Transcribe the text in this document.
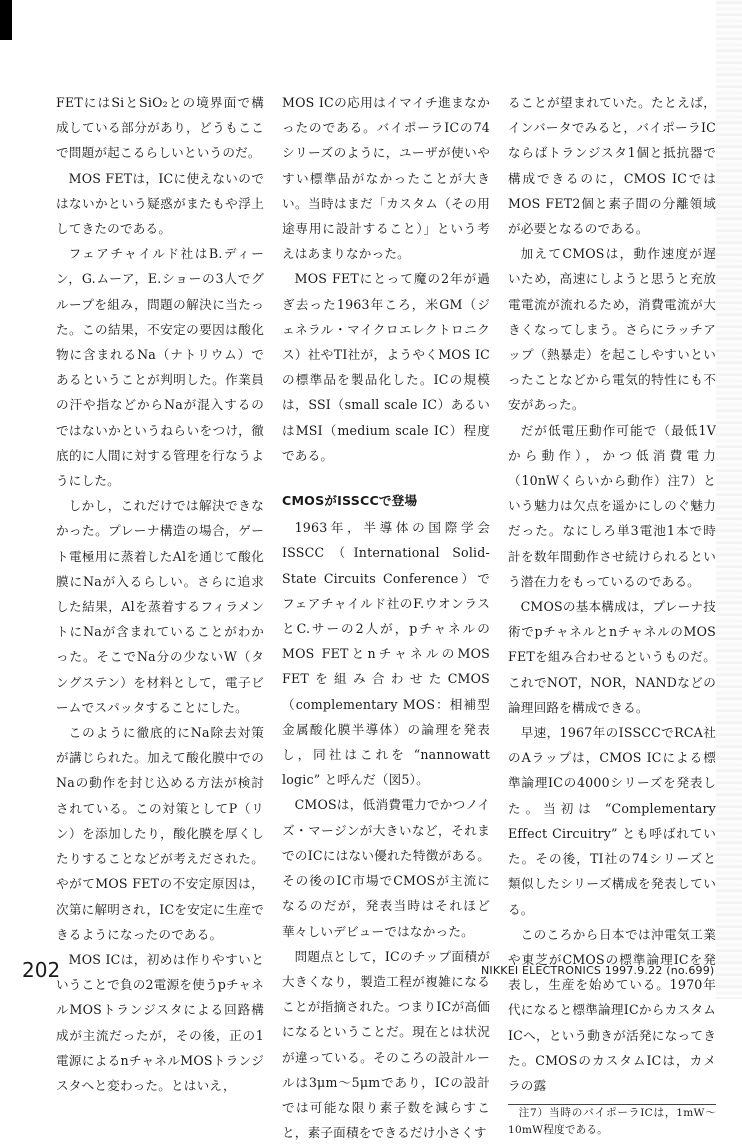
FETにはSiとSiO₂との境界面で構成している部分があり，どうもここで問題が起こるらしいというのだ。

MOS FETは，ICに使えないのではないかという疑惑がまたもや浮上してきたのである。

フェアチャイルド社はB.ディーン，G.ムーア，E.ショーの3人でグループを組み，問題の解決に当たった。この結果，不安定の要因は酸化物に含まれるNa（ナトリウム）であるということが判明した。作業員の汗や指などからNaが混入するのではないかというねらいをつけ，徹底的に人間に対する管理を行なうようにした。

しかし，これだけでは解決できなかった。プレーナ構造の場合，ゲート電極用に蒸着したAlを通じて酸化膜にNaが入るらしい。さらに追求した結果，Alを蒸着するフィラメントにNaが含まれていることがわかった。そこでNa分の少ないW（タングステン）を材料として，電子ビームでスパッタすることにした。

このように徹底的にNa除去対策が講じられた。加えて酸化膜中でのNaの動作を封じ込める方法が検討されている。この対策としてP（リン）を添加したり，酸化膜を厚くしたりすることなどが考えだされた。やがてMOS FETの不安定原因は，次第に解明され，ICを安定に生産できるようになったのである。

MOS ICは，初めは作りやすいということで負の2電源を使うpチャネルMOSトランジスタによる回路構成が主流だったが，その後，正の1電源によるnチャネルMOSトランジスタへと変わった。とはいえ，

MOS ICの応用はイマイチ進まなかったのである。バイポーラICの74シリーズのように，ユーザが使いやすい標準品がなかったことが大きい。当時はまだ「カスタム（その用途専用に設計すること）」という考えはあまりなかった。

MOS FETにとって魔の2年が過ぎ去った1963年ころ，米GM（ジェネラル・マイクロエレクトロニクス）社やTI社が，ようやくMOS ICの標準品を製品化した。ICの規模は，SSI（small scale IC）あるいはMSI（medium scale IC）程度である。

CMOSがISSCCで登場

1963年，半導体の国際学会ISSCC（International Solid-State Circuits Conference）でフェアチャイルド社のF.ウオンラスとC.サーの2人が，pチャネルのMOS FETとnチャネルのMOS FETを組み合わせたCMOS（complementary MOS：相補型金属酸化膜半導体）の論理を発表し，同社はこれを “nannowatt logic” と呼んだ（図5）。

CMOSは，低消費電力でかつノイズ・マージンが大きいなど，それまでのICにはない優れた特徴がある。その後のIC市場でCMOSが主流になるのだが，発表当時はそれほど華々しいデビューではなかった。

問題点として，ICのチップ面積が大きくなり，製造工程が複雑になることが指摘された。つまりICが高価になるということだ。現在とは状況が違っている。そのころの設計ルールは3μm～5μmであり，ICの設計では可能な限り素子数を減らすこと，素子面積をできるだけ小さくす

ることが望まれていた。たとえば，インバータでみると，バイポーラICならばトランジスタ1個と抵抗器で構成できるのに，CMOS ICではMOS FET2個と素子間の分離領域が必要となるのである。

加えてCMOSは，動作速度が遅いため，高速にしようと思うと充放電電流が流れるため，消費電流が大きくなってしまう。さらにラッチアップ（熱暴走）を起こしやすいといったことなどから電気的特性にも不安があった。

だが低電圧動作可能で（最低1Vから動作），かつ低消費電力（10nWくらいから動作）注7）という魅力は欠点を遥かにしのぐ魅力だった。なにしろ単3電池1本で時計を数年間動作させ続けられるという潜在力をもっているのである。

CMOSの基本構成は，プレーナ技術でpチャネルとnチャネルのMOS FETを組み合わせるというものだ。これでNOT，NOR，NANDなどの論理回路を構成できる。

早速，1967年のISSCCでRCA社のAラップは，CMOS ICによる標準論理ICの4000シリーズを発表した。当初は “Complementary Effect Circuitry” とも呼ばれていた。その後，TI社の74シリーズと類似したシリーズ構成を発表している。

このころから日本では沖電気工業や東芝がCMOSの標準論理ICを発表し，生産を始めている。1970年代になると標準論理ICからカスタムICへ，という動きが活発になってきた。CMOSのカスタムICは，カメラの露

注7）当時のバイポーラICは，1mW～10mW程度である。

202	NIKKEI ELECTRONICS 1997.9.22 (no.699)
